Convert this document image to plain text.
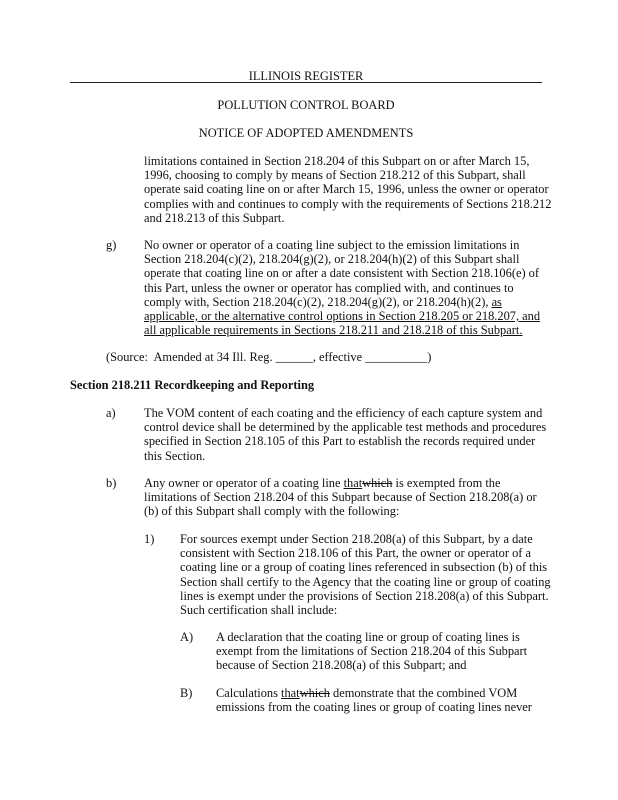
ILLINOIS REGISTER
POLLUTION CONTROL BOARD
NOTICE OF ADOPTED AMENDMENTS
limitations contained in Section 218.204 of this Subpart on or after March 15,
1996, choosing to comply by means of Section 218.212 of this Subpart, shall
operate said coating line on or after March 15, 1996, unless the owner or operator
complies with and continues to comply with the requirements of Sections 218.212
and 218.213 of this Subpart.
g) No owner or operator of a coating line subject to the emission limitations in
Section 218.204(c)(2), 218.204(g)(2), or 218.204(h)(2) of this Subpart shall
operate that coating line on or after a date consistent with Section 218.106(e) of
this Part, unless the owner or operator has complied with, and continues to
comply with, Section 218.204(c)(2), 218.204(g)(2), or 218.204(h)(2), as
applicable, or the alternative control options in Section 218.205 or 218.207, and
all applicable requirements in Sections 218.211 and 218.218 of this Subpart.
(Source:  Amended at 34 Ill. Reg. ______, effective __________)
Section 218.211 Recordkeeping and Reporting
a) The VOM content of each coating and the efficiency of each capture system and
control device shall be determined by the applicable test methods and procedures
specified in Section 218.105 of this Part to establish the records required under
this Section.
b) Any owner or operator of a coating line thatwhich is exempted from the
limitations of Section 218.204 of this Subpart because of Section 218.208(a) or
(b) of this Subpart shall comply with the following:
1) For sources exempt under Section 218.208(a) of this Subpart, by a date
consistent with Section 218.106 of this Part, the owner or operator of a
coating line or a group of coating lines referenced in subsection (b) of this
Section shall certify to the Agency that the coating line or group of coating
lines is exempt under the provisions of Section 218.208(a) of this Subpart.
Such certification shall include:
A) A declaration that the coating line or group of coating lines is
exempt from the limitations of Section 218.204 of this Subpart
because of Section 218.208(a) of this Subpart; and
B) Calculations thatwhich demonstrate that the combined VOM
emissions from the coating lines or group of coating lines never
